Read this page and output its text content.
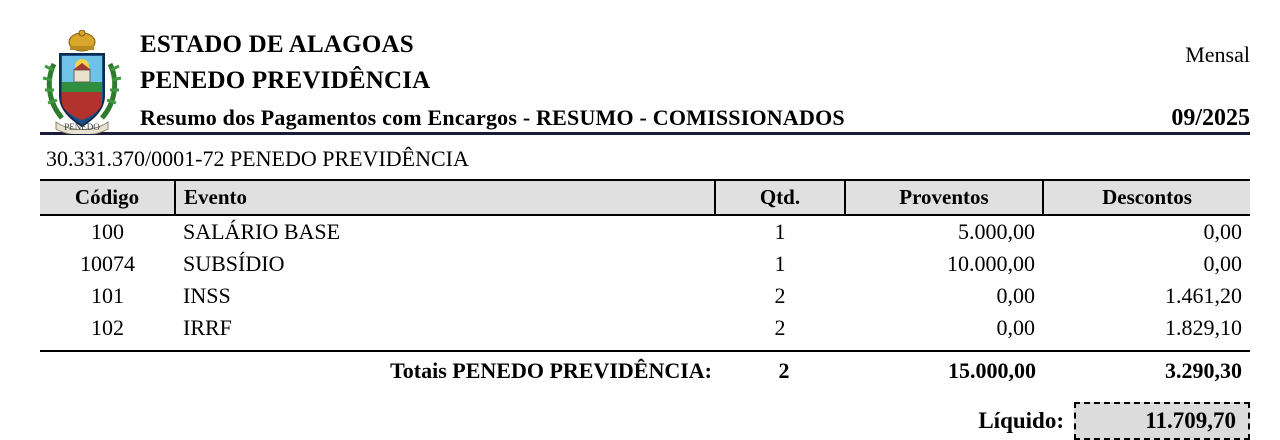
PENEDO
ESTADO DE ALAGOAS
PENEDO PREVIDÊNCIA
Resumo dos Pagamentos com Encargos - RESUMO - COMISSIONADOS
Mensal
09/2025
30.331.370/0001-72 PENEDO PREVIDÊNCIA
Código	Evento	Qtd.	Proventos	Descontos
100	SALÁRIO BASE	1	5.000,00	0,00
10074	SUBSÍDIO	1	10.000,00	0,00
101	INSS	2	0,00	1.461,20
102	IRRF	2	0,00	1.829,10
Totais PENEDO PREVIDÊNCIA:	2	15.000,00	3.290,30
Líquido:	11.709,70
